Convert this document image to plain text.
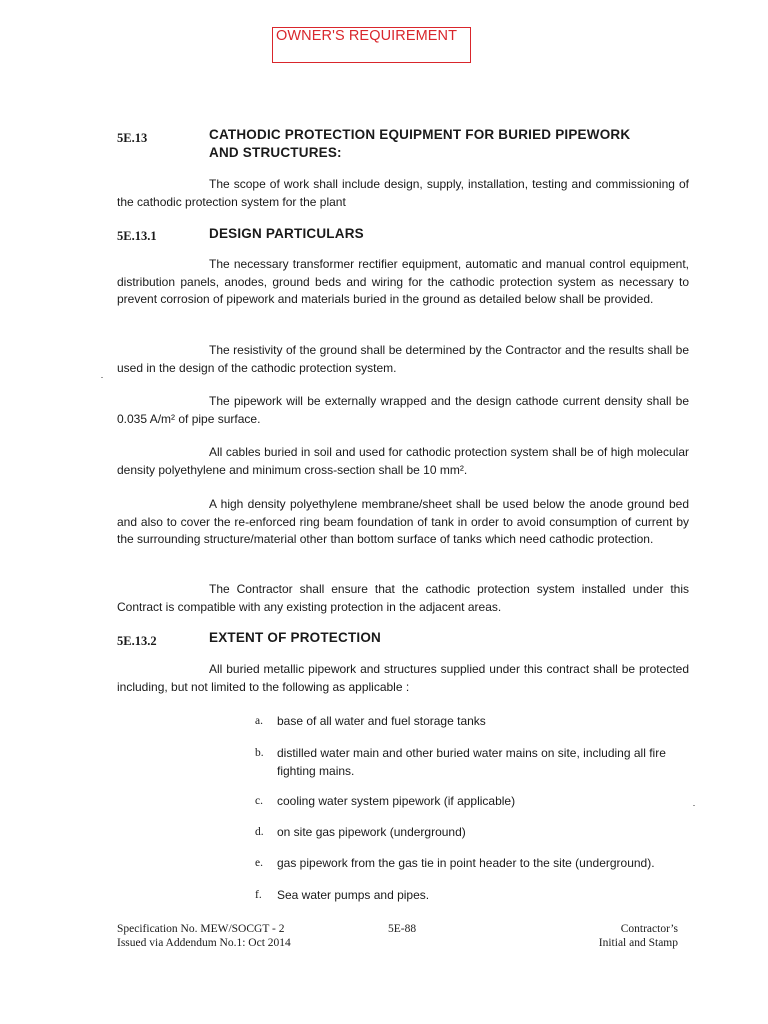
OWNER'S REQUIREMENT
5E.13	CATHODIC PROTECTION EQUIPMENT FOR BURIED PIPEWORK
AND STRUCTURES:

The scope of work shall include design, supply, installation, testing and commissioning of the cathodic protection system for the plant

5E.13.1	DESIGN PARTICULARS

The necessary transformer rectifier equipment, automatic and manual control equipment, distribution panels, anodes, ground beds and wiring for the cathodic protection system as necessary to prevent corrosion of pipework and materials buried in the ground as detailed below shall be provided.

The resistivity of the ground shall be determined by the Contractor and the results shall be used in the design of the cathodic protection system.

The pipework will be externally wrapped and the design cathode current density shall be 0.035 A/m² of pipe surface.

All cables buried in soil and used for cathodic protection system shall be of high molecular density polyethylene and minimum cross-section shall be 10 mm².

A high density polyethylene membrane/sheet shall be used below the anode ground bed and also to cover the re-enforced ring beam foundation of tank in order to avoid consumption of current by the surrounding structure/material other than bottom surface of tanks which need cathodic protection.

The Contractor shall ensure that the cathodic protection system installed under this Contract is compatible with any existing protection in the adjacent areas.

5E.13.2	EXTENT OF PROTECTION

All buried metallic pipework and structures supplied under this contract shall be protected including, but not limited to the following as applicable :

a. base of all water and fuel storage tanks
b. distilled water main and other buried water mains on site, including all fire fighting mains.
c. cooling water system pipework (if applicable)
d. on site gas pipework (underground)
e. gas pipework from the gas tie in point header to the site (underground).
f. Sea water pumps and pipes.
Specification No. MEW/SOCGT - 2
Issued via Addendum No.1: Oct 2014
5E-88	Contractor’s
Initial and Stamp
